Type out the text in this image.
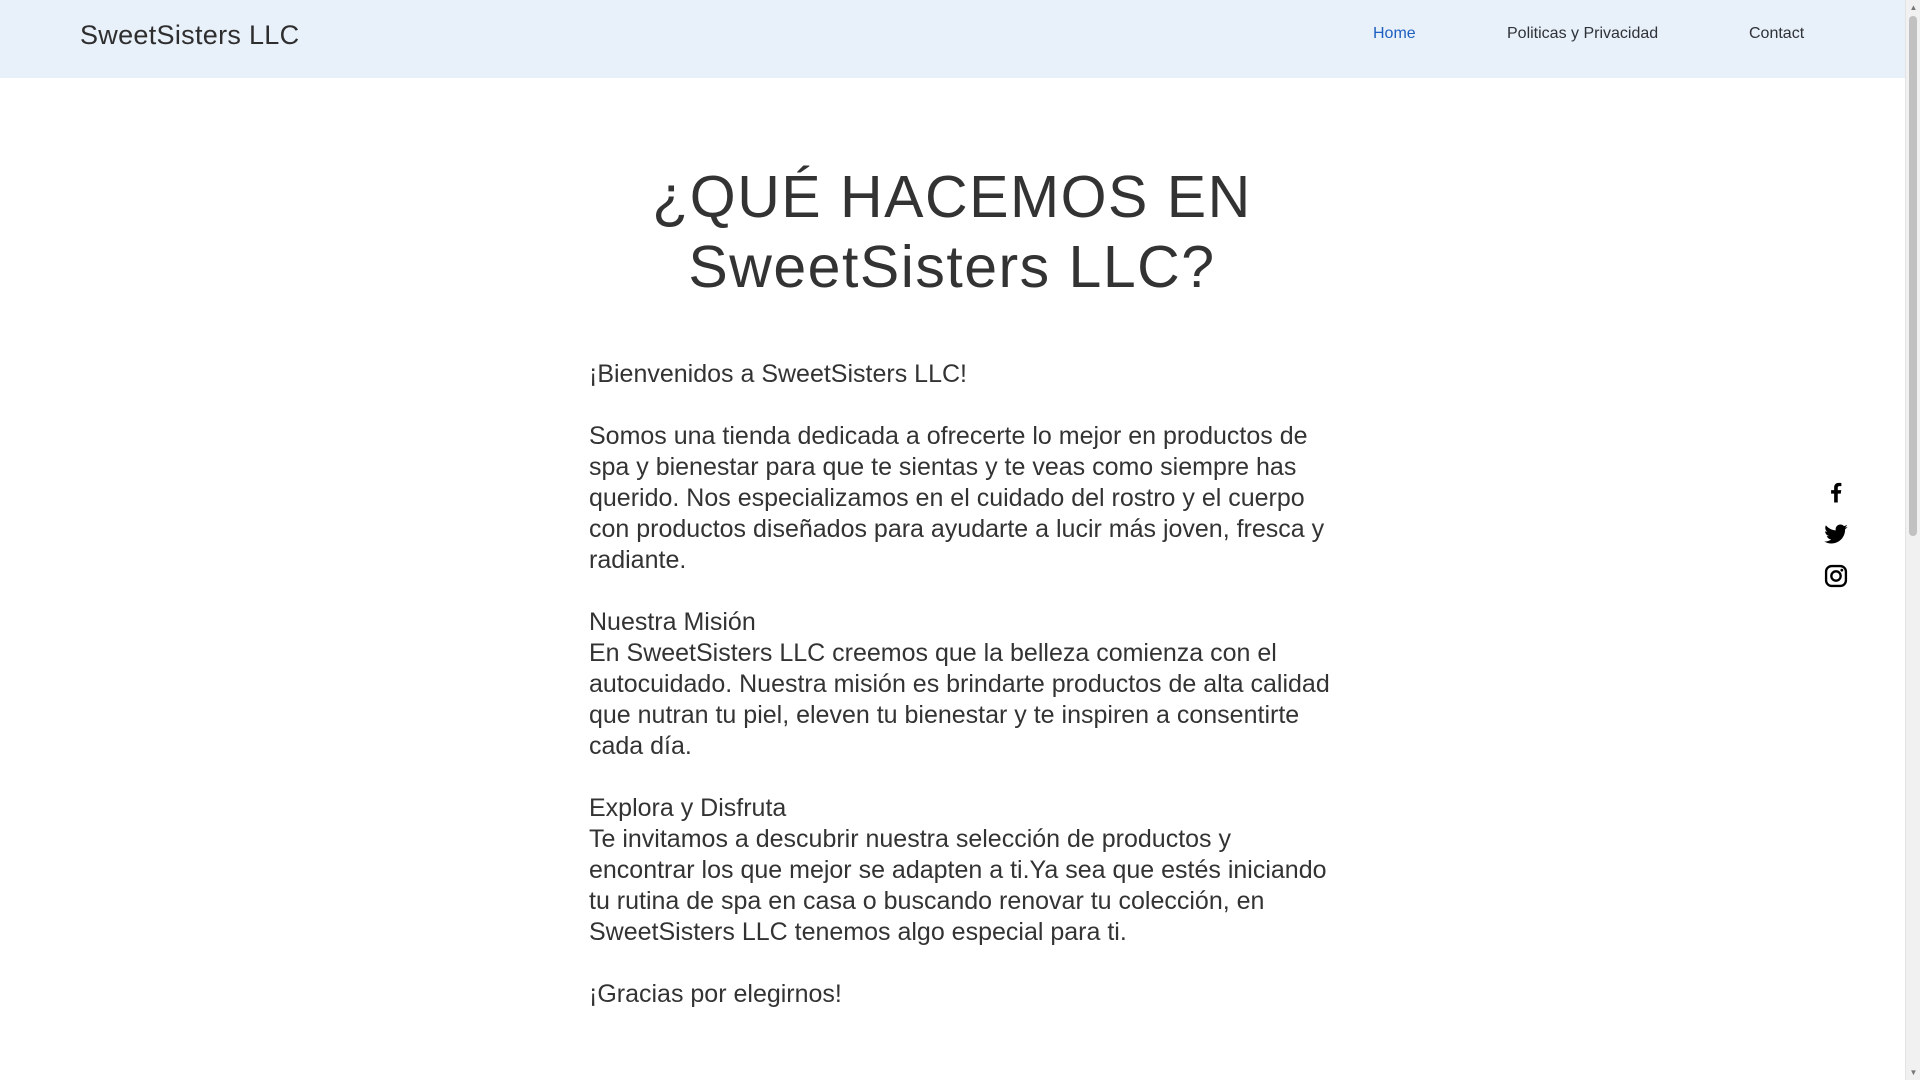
SweetSisters LLC	Home	Politicas y Privacidad	Contact
¿QUÉ HACEMOS EN
SweetSisters LLC?

¡Bienvenidos a SweetSisters LLC!

Somos una tienda dedicada a ofrecerte lo mejor en productos de

spa y bienestar para que te sientas y te veas como siempre has

querido. Nos especializamos en el cuidado del rostro y el cuerpo

con productos diseñados para ayudarte a lucir más joven, fresca y

radiante.

Nuestra Misión

En SweetSisters LLC creemos que la belleza comienza con el

autocuidado. Nuestra misión es brindarte productos de alta calidad

que nutran tu piel, eleven tu bienestar y te inspiren a consentirte

cada día.

Explora y Disfruta

Te invitamos a descubrir nuestra selección de productos y

encontrar los que mejor se adapten a ti.Ya sea que estés iniciando

tu rutina de spa en casa o buscando renovar tu colección, en

SweetSisters LLC tenemos algo especial para ti.

¡Gracias por elegirnos!

▲
▼
